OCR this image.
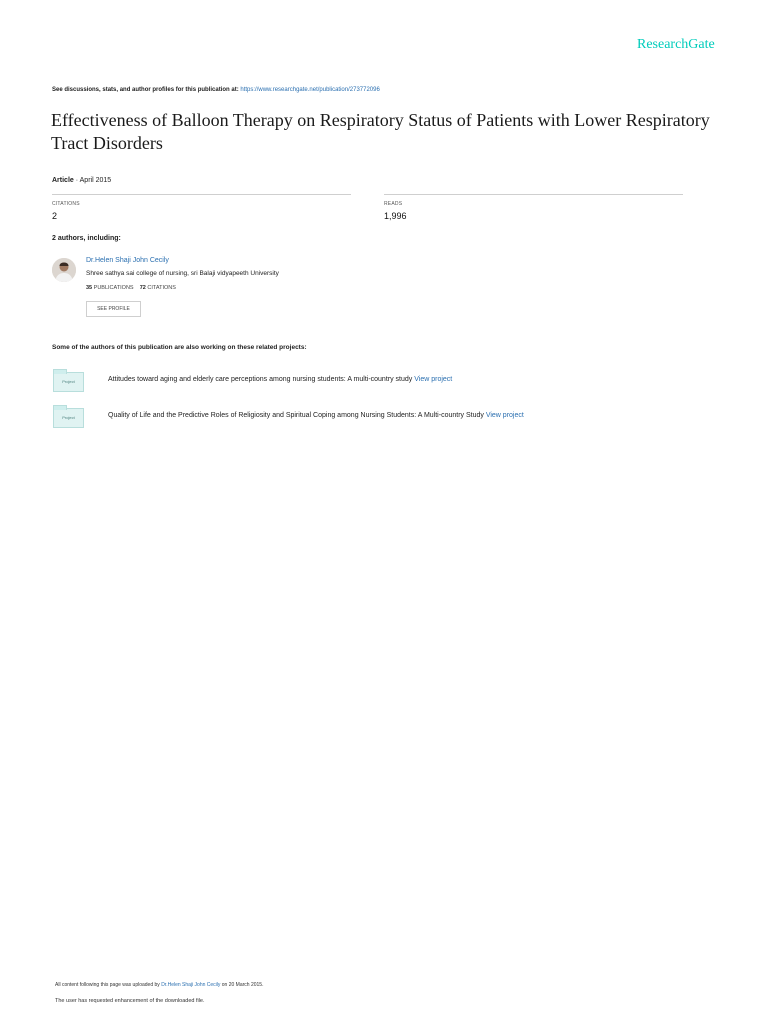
ResearchGate
See discussions, stats, and author profiles for this publication at: https://www.researchgate.net/publication/273772096
Effectiveness of Balloon Therapy on Respiratory Status of Patients with Lower Respiratory Tract Disorders
Article · April 2015
CITATIONS
2
READS
1,996
2 authors, including:
Dr.Helen Shaji John Cecily
Shree sathya sai college of nursing, sri Balaji vidyapeeth University
35 PUBLICATIONS 72 CITATIONS
SEE PROFILE
Some of the authors of this publication are also working on these related projects:
Project	Attitudes toward aging and elderly care perceptions among nursing students: A multi-country study View project
Project	Quality of Life and the Predictive Roles of Religiosity and Spiritual Coping among Nursing Students: A Multi-country Study View project
All content following this page was uploaded by Dr.Helen Shaji John Cecily on 20 March 2015.
The user has requested enhancement of the downloaded file.
